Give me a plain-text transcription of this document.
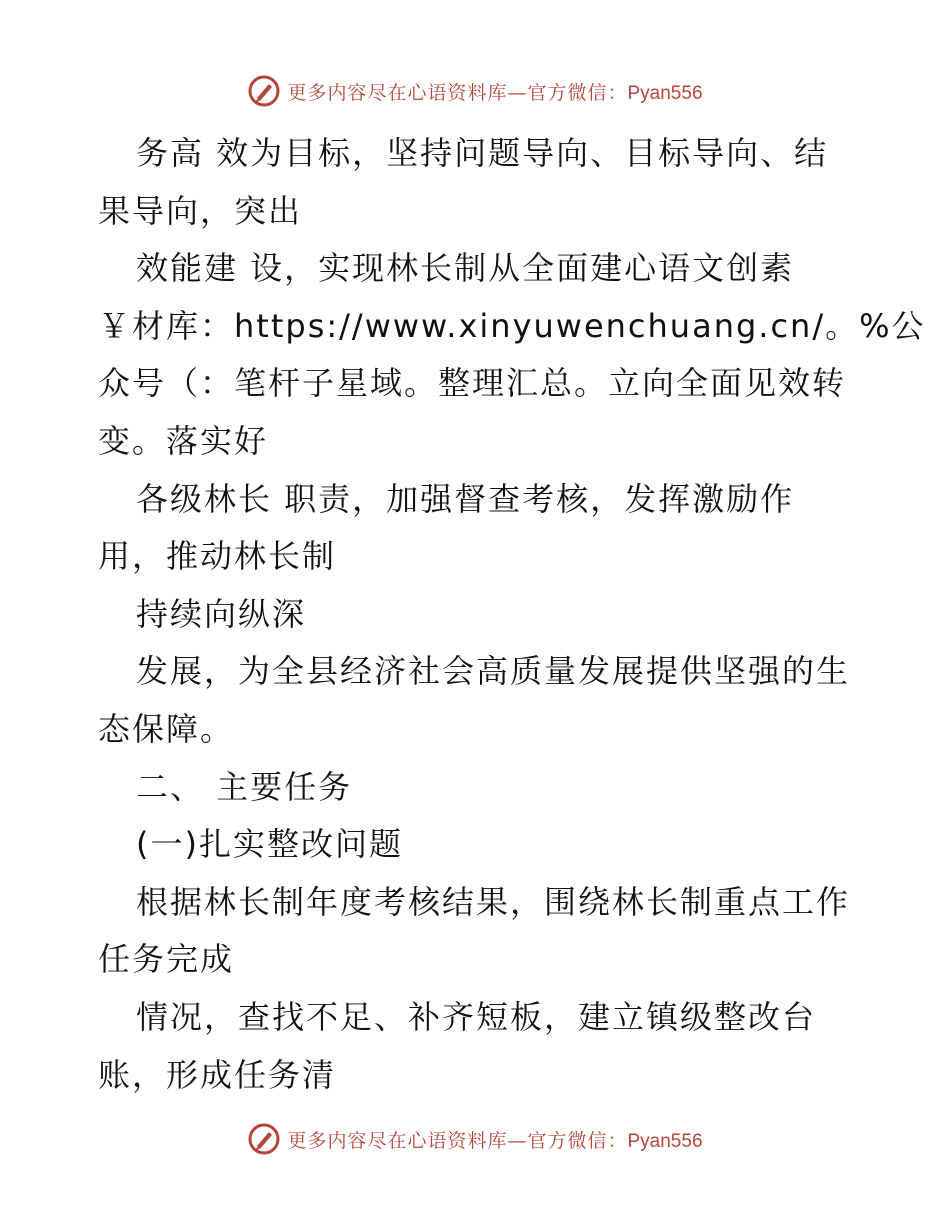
更多内容尽在心语资料库—官方微信：Pyan556
务高 效为目标，坚持问题导向、目标导向、结
果导向，突出
效能建 设，实现林长制从全面建心语文创素
￥材库：https://www.xinyuwenchuang.cn/。%公
众号（：笔杆子星域。整理汇总。立向全面见效转
变。落实好
各级林长 职责，加强督查考核，发挥激励作
用，推动林长制
持续向纵深
发展，为全县经济社会高质量发展提供坚强的生
态保障。
二、 主要任务
(一)扎实整改问题
根据林长制年度考核结果，围绕林长制重点工作
任务完成
情况，查找不足、补齐短板，建立镇级整改台
账，形成任务清
更多内容尽在心语资料库—官方微信：Pyan556
